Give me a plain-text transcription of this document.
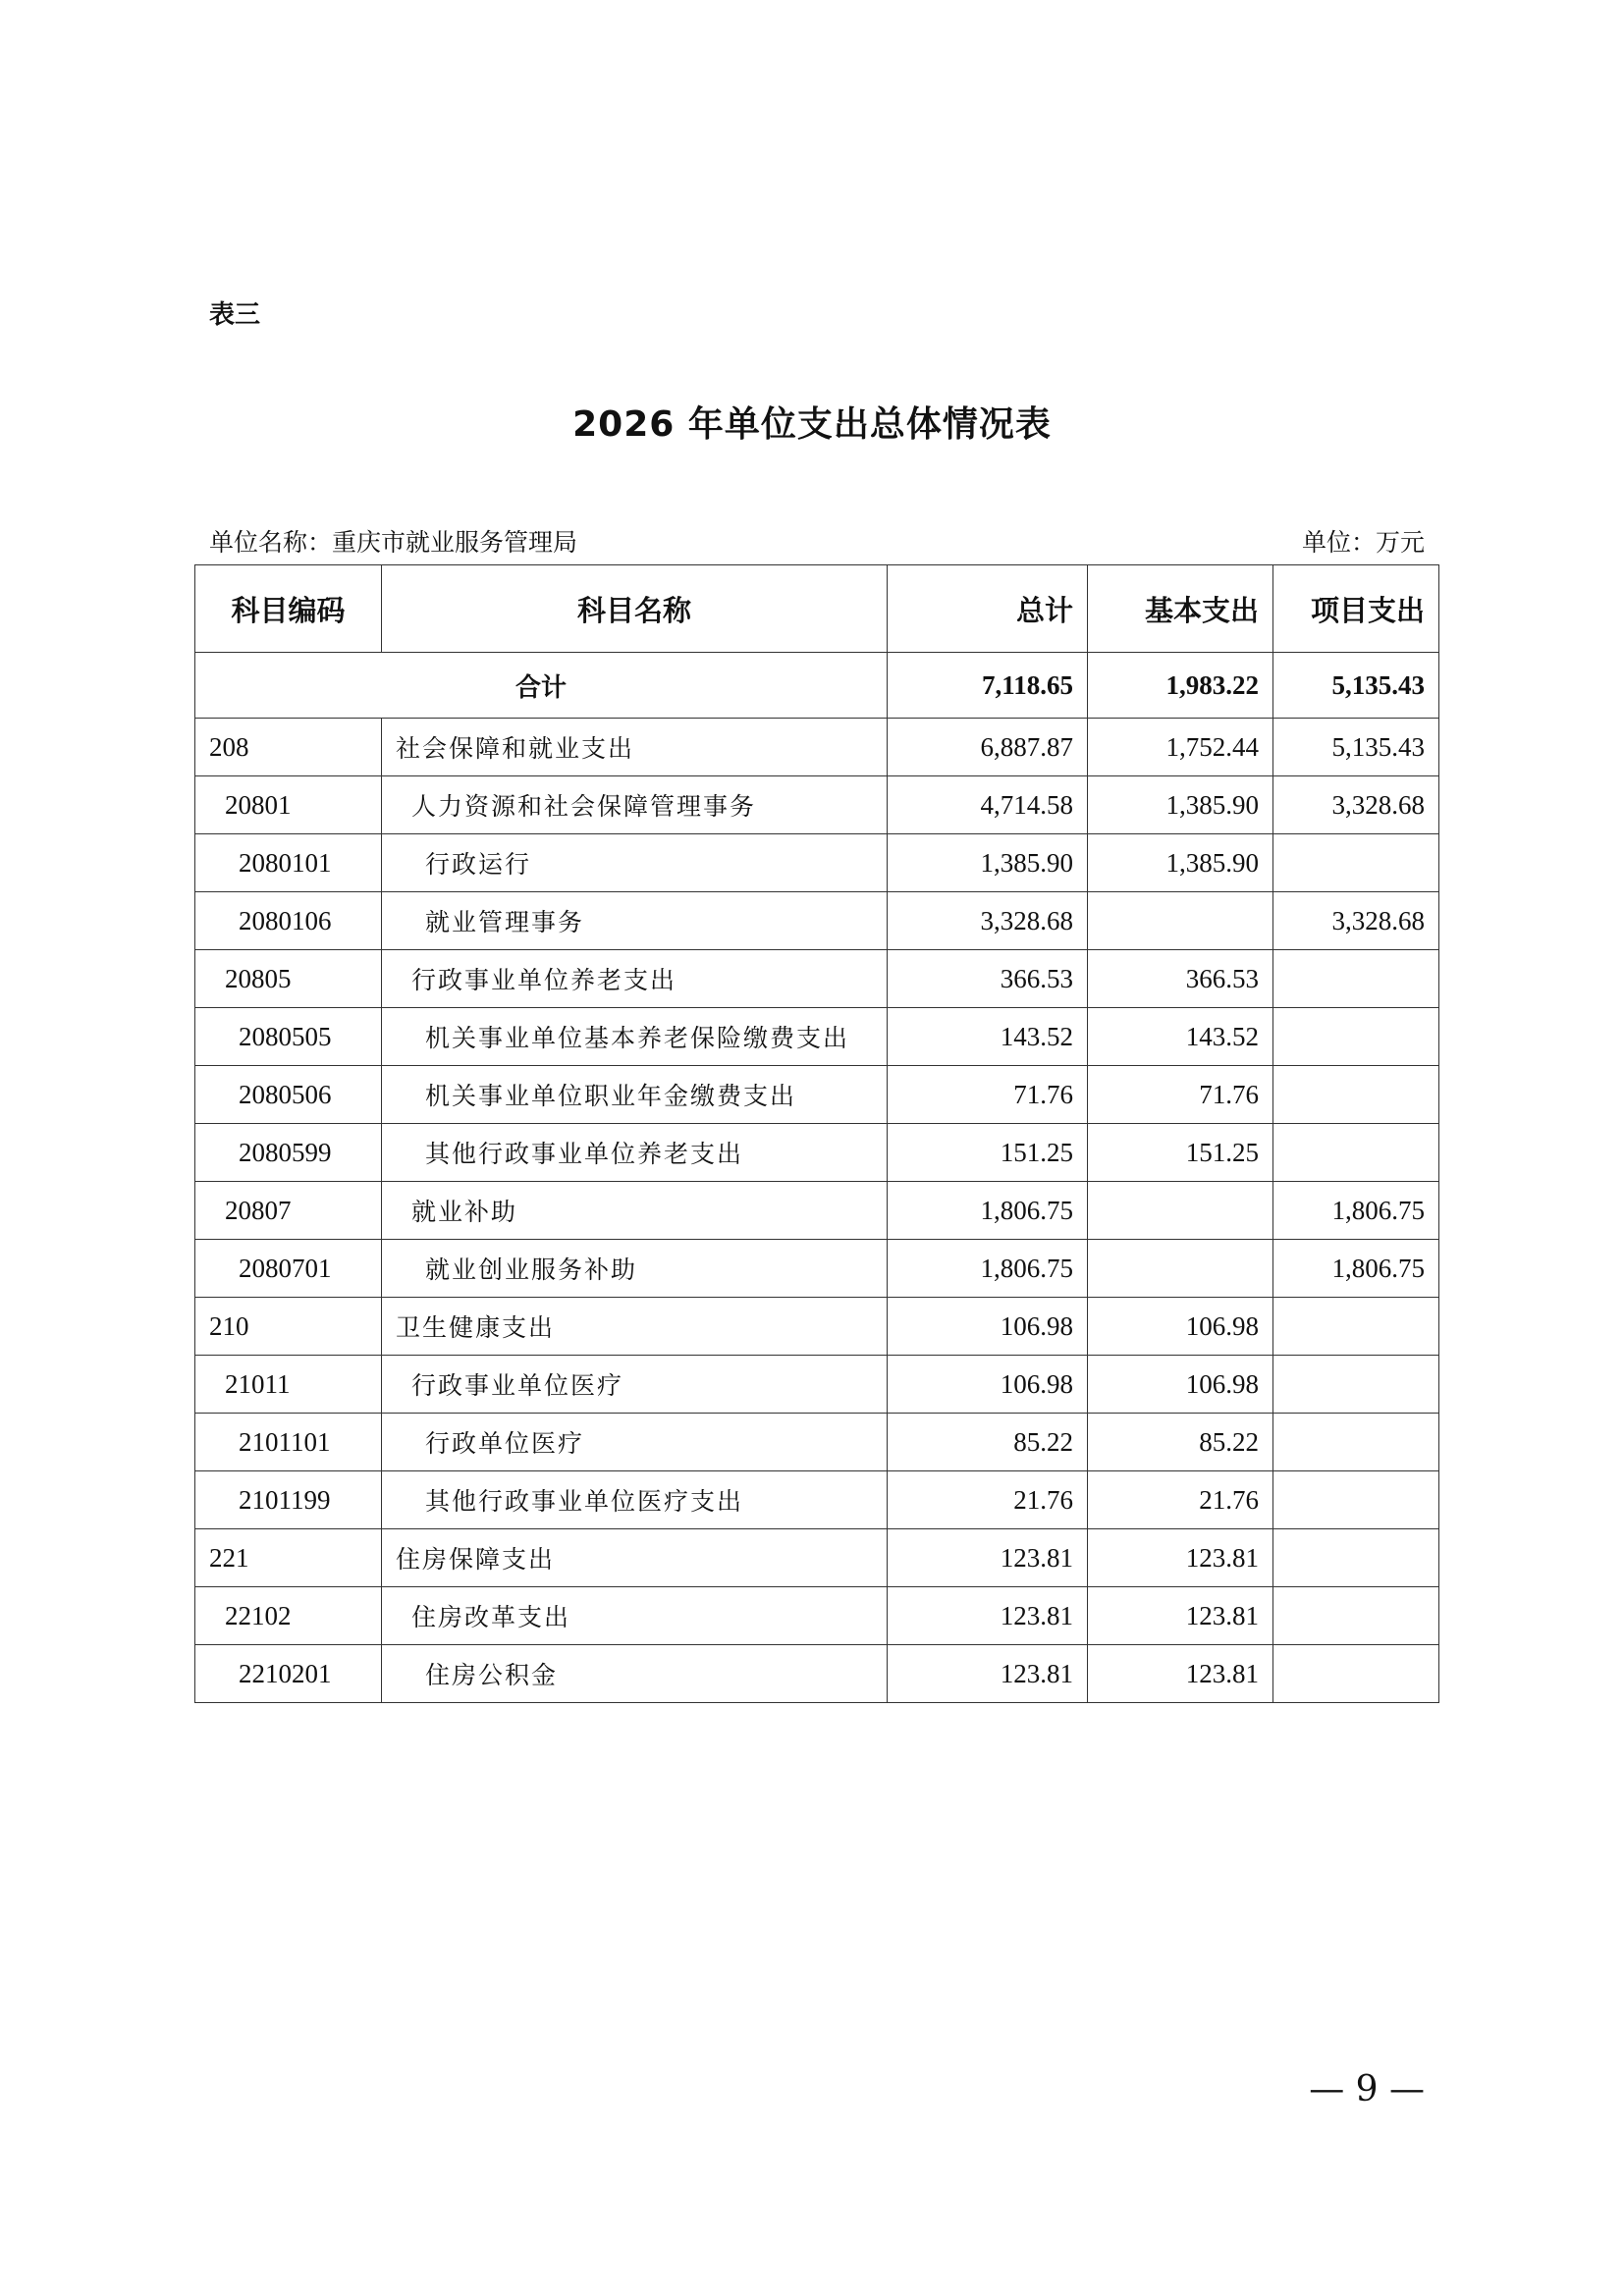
表三
2026 年单位支出总体情况表
单位名称：重庆市就业服务管理局	单位：万元
科目编码	科目名称	总计	基本支出	项目支出
合计		7,118.65	1,983.22	5,135.43
208	社会保障和就业支出	6,887.87	1,752.44	5,135.43
20801	人力资源和社会保障管理事务	4,714.58	1,385.90	3,328.68
2080101	行政运行	1,385.90	1,385.90	
2080106	就业管理事务	3,328.68		3,328.68
20805	行政事业单位养老支出	366.53	366.53	
2080505	机关事业单位基本养老保险缴费支出	143.52	143.52	
2080506	机关事业单位职业年金缴费支出	71.76	71.76	
2080599	其他行政事业单位养老支出	151.25	151.25	
20807	就业补助	1,806.75		1,806.75
2080701	就业创业服务补助	1,806.75		1,806.75
210	卫生健康支出	106.98	106.98	
21011	行政事业单位医疗	106.98	106.98	
2101101	行政单位医疗	85.22	85.22	
2101199	其他行政事业单位医疗支出	21.76	21.76	
221	住房保障支出	123.81	123.81	
22102	住房改革支出	123.81	123.81	
2210201	住房公积金	123.81	123.81	
— 9 —
